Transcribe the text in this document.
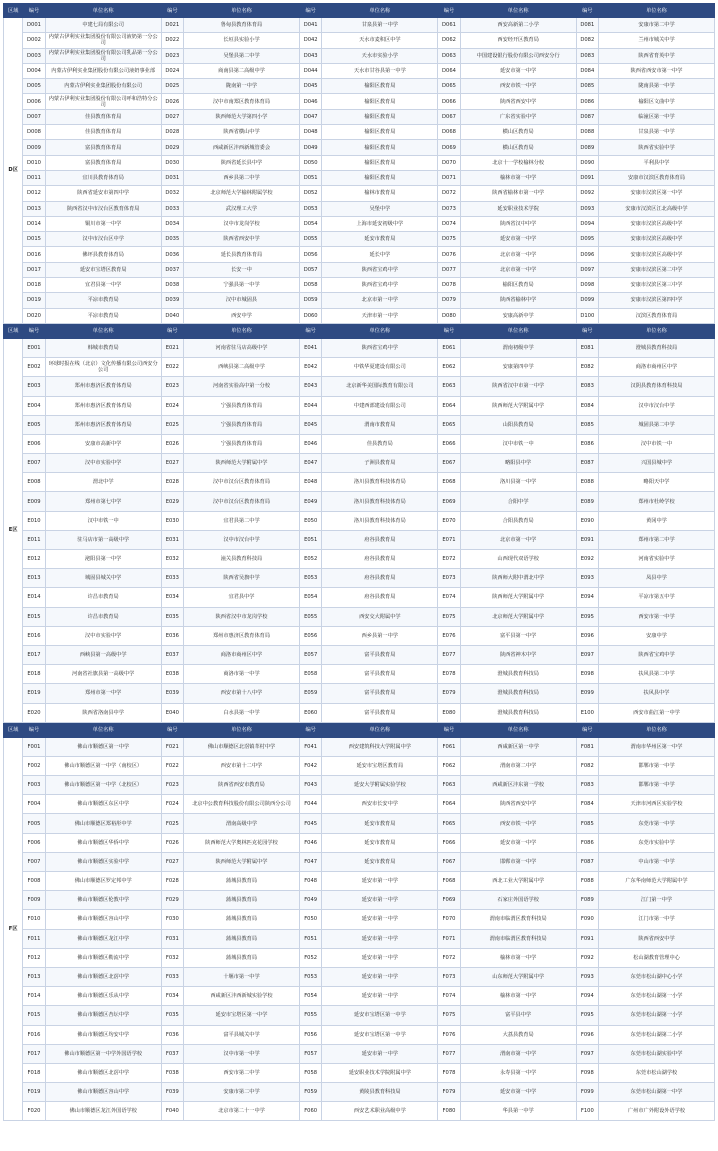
区域	编号	单位名称	编号	单位名称	编号	单位名称	编号	单位名称	编号	单位名称
D区	D001	中建七局有限公司	D021	鲁甸县教育体育局	D041	甘泉县第一中学	D061	西安高新第二小学	D081	安康市第二中学
	D002	内蒙古伊利实业集团股份有限公司液奶第一分公司	D022	长垣县实验小学	D042	天水市麦积区中学	D062	西安经开区教育局	D082	兰州市城关中学
	D003	内蒙古伊利实业集团股份有限公司乳品第一分公司	D023	吴堡县第二中学	D043	天水市实验小学	D063	中国建设银行股份有限公司西安分行	D083	陕西省育英中学
	D004	内蒙古伊利实业集团股份有限公司液奶事业部	D024	商南县第二高级中学	D044	天水市甘谷县第一中学	D064	延安市第一中学	D084	陕西省西安市第一中学
	D005	内蒙古伊利实业集团股份有限公司	D025	陇南第一中学	D045	榆阳区教育局	D065	西安市铁一中学	D085	陇南县第一中学
	D006	内蒙古伊利实业集团股份有限公司呼和浩特分公司	D026	汉中市南郑区教育体育局	D046	榆阳区教育局	D066	陕西省西安中学	D086	榆阳区文曲中学
	D007	佳县教育体育局	D027	陕西师范大学第四小学	D047	榆阳区教育局	D067	广东省实验中学	D087	临潼区第一中学
	D008	佳县教育体育局	D028	陕西省横山中学	D048	榆阳区教育局	D068	横山区教育局	D088	甘泉县第一中学
	D009	富县教育体育局	D029	西咸新区沣西新城管委会	D049	榆阳区教育局	D069	横山区教育局	D089	陕西省实验中学
	D010	富县教育体育局	D030	陕西省延长县中学	D050	榆阳区教育局	D070	北京十一学校榆林分校	D090	平利县中学
	D011	宜川县教育体育局	D031	西乡县第二中学	D051	榆阳区教育局	D071	榆林市第一中学	D091	安康市汉滨区教育体育局
	D012	陕西省延安市第四中学	D032	北京师范大学榆林附属学校	D052	榆林市教育局	D072	陕西省榆林市第一中学	D092	安康市汉滨区第一中学
	D013	陕西省汉中市汉台区教育体育局	D033	武汉理工大学	D053	吴堡中学	D073	延安职业技术学院	D093	安康市汉滨区江北高级中学
	D014	铜川市第一中学	D034	汉中市龙岗学校	D054	上海市延安初级中学	D074	陕西省汉中中学	D094	安康市汉滨区高级中学
	D015	汉中市汉台区中学	D035	陕西省西安中学	D055	延安市教育局	D075	延安市第一中学	D095	安康市汉滨区高级中学
	D016	佛坪县教育体育局	D036	延长县教育体育局	D056	延长中学	D076	北京市第一中学	D096	安康市汉滨区高级中学
	D017	延安市宝塔区教育局	D037	长安一中	D057	陕西省宝鸡中学	D077	北京市第一中学	D097	安康市汉滨区第二中学
	D018	宜君县第一中学	D038	宁强县第一中学	D058	陕西省宝鸡中学	D078	榆阳区教育局	D098	安康市汉滨区第三中学
	D019	平凉市教育局	D039	汉中市城固县	D059	北京市第一中学	D079	陕西省榆林中学	D099	安康市汉滨区第四中学
	D020	平凉市教育局	D040	西安中学	D060	天津市第一中学	D080	安康高新中学	D100	汉滨区教育体育局
区域	编号	单位名称	编号	单位名称	编号	单位名称	编号	单位名称	编号	单位名称
E区	E001	韩城市教育局	E021	河南省驻马店高级中学	E041	陕西省宝鸡中学	E061	渭南初级中学	E081	澄城县教育科技局
	E002	环球时报在线（北京）文化传播有限公司西安分公司	E022	西峡县第二高级中学	E042	中铁华夏建设有限公司	E062	安康第四中学	E082	商洛市商州区中学
	E003	郑州市惠济区教育体育局	E023	河南省实验高中第一分校	E043	北京新华美国际教育有限公司	E063	陕西省汉中市第一中学	E083	汉阴县教育体育科技局
	E004	郑州市惠济区教育体育局	E024	宁强县教育体育局	E044	中建西部建设有限公司	E064	陕西师范大学附属中学	E084	汉中市汉台中学
	E005	郑州市惠济区教育体育局	E025	宁强县教育体育局	E045	渭南市教育局	E065	山阳县教育局	E085	城固县第二中学
	E006	安康市高新中学	E026	宁强县教育体育局	E046	佳县教育局	E066	汉中市铁一中	E086	汉中市铁一中
	E007	汉中市实验中学	E027	陕西师范大学附属中学	E047	子洲县教育局	E067	略阳县中学	E087	兴国县城中学
	E008	渭北中学	E028	汉中市汉台区教育体育局	E048	洛川县教育科技体育局	E068	洛川县第一中学	E088	略阳天中学
	E009	郑州市第七中学	E029	汉中市汉台区教育体育局	E049	洛川县教育科技体育局	E069	合阳中学	E089	郑州市杜岭学校
	E010	汉中市铁一中	E030	宜君县第二中学	E050	洛川县教育科技体育局	E070	合阳县教育局	E090	黄冈中学
	E011	驻马店市第一高级中学	E031	汉中市汉台中学	E051	府谷县教育局	E071	北京市第一中学	E091	郑州市第二中学
	E012	泌阳县第一中学	E032	潼关县教育科技局	E052	府谷县教育局	E072	山西现代双语学校	E092	河南省实验中学
	E013	城固县城关中学	E033	陕西省吴旗中学	E053	府谷县教育局	E073	陕西师大附中渭北中学	E093	凤县中学
	E014	许昌市教育局	E034	宜君县中学	E054	府谷县教育局	E074	陕西师范大学附属中学	E094	平凉市第五中学
	E015	许昌市教育局	E035	陕西省汉中市龙岗学校	E055	西安交大附属中学	E075	北京师范大学附属中学	E095	西安市第一中学
	E016	汉中市实验中学	E036	郑州市惠济区教育体育局	E056	西乡县第一中学	E076	富平县第一中学	E096	安康中学
	E017	西峡县第一高级中学	E037	商洛市商州区中学	E057	富平县教育局	E077	陕西省神木中学	E097	陕西省宝鸡中学
	E018	河南省社旗县第一高级中学	E038	商洛市第一中学	E058	富平县教育局	E078	澄城县教育科技局	E098	扶风县第二中学
	E019	郑州市第一中学	E039	西安市第十八中学	E059	富平县教育局	E079	澄城县教育科技局	E099	扶风县中学
	E020	陕西省洛南县中学	E040	白水县第一中学	E060	富平县教育局	E080	澄城县教育科技局	E100	西安市曲江第一中学
区域	编号	单位名称	编号	单位名称	编号	单位名称	编号	单位名称	编号	单位名称
F区	F001	佛山市顺德区第一中学	F021	佛山市顺德区北滘镇莘村中学	F041	西安建筑科技大学附属中学	F061	西咸新区第一中学	F081	渭南市华州区第一中学
	F002	佛山市顺德区第一中学（南校区）	F022	西安市第十二中学	F042	延安市宝塔区教育局	F062	渭南市第二中学	F082	邯郸市第一中学
	F003	佛山市顺德区第一中学（北校区）	F023	陕西省西安市教育局	F043	延安大学附属实验学校	F063	西咸新区沣东第一学校	F083	邯郸市第一中学
	F004	佛山市顺德区东区中学	F024	北京中公教育科技股份有限公司陕西分公司	F044	西安市长安中学	F064	陕西省西安中学	F084	天津市河西区实验学校
	F005	佛山市顺德区郑裕彤中学	F025	渭南高级中学	F045	延安市教育局	F065	西安市铁一中学	F085	东莞市第一中学
	F006	佛山市顺德区华侨中学	F026	陕西师范大学奥林匹克花园学校	F046	延安市教育局	F066	延安市第一中学	F086	东莞市实验中学
	F007	佛山市顺德区实验中学	F027	陕西师范大学附属中学	F047	延安市教育局	F067	邯郸市第一中学	F087	中山市第一中学
	F008	佛山市顺德区罗定邦中学	F028	蒲城县教育局	F048	延安市第一中学	F068	西北工业大学附属中学	F088	广东华南师范大学附属中学
	F009	佛山市顺德区伦教中学	F029	蒲城县教育局	F049	延安市第一中学	F069	石家庄外国语学校	F089	江门第一中学
	F010	佛山市顺德区容山中学	F030	蒲城县教育局	F050	延安市第一中学	F070	渭南市临渭区教育科技局	F090	江门市第一中学
	F011	佛山市顺德区龙江中学	F031	蒲城县教育局	F051	延安市第一中学	F071	渭南市临渭区教育科技局	F091	陕西省西安中学
	F012	佛山市顺德区勒流中学	F032	蒲城县教育局	F052	延安市第一中学	F072	榆林市第一中学	F092	松山湖教育管理中心
	F013	佛山市顺德区北滘中学	F033	十堰市第一中学	F053	延安市第一中学	F073	山东师范大学附属中学	F093	东莞市松山湖中心小学
	F014	佛山市顺德区乐从中学	F034	西咸新区沣西新城实验学校	F054	延安市第一中学	F074	榆林市第一中学	F094	东莞市松山湖第一小学
	F015	佛山市顺德区杏坛中学	F035	延安市宝塔区第一中学	F055	延安市宝塔区第一中学	F075	富平县中学	F095	东莞市松山湖第一小学
	F016	佛山市顺德区均安中学	F036	富平县城关中学	F056	延安市宝塔区第一中学	F076	大荔县教育局	F096	东莞市松山湖第二小学
	F017	佛山市顺德区第一中学外国语学校	F037	汉中市第一中学	F057	延安市第一中学	F077	渭南市第一中学	F097	东莞市松山湖实验中学
	F018	佛山市顺德区北滘中学	F038	西安市第二中学	F058	延安职业技术学院附属中学	F078	永寿县第一中学	F098	东莞市松山湖学校
	F019	佛山市顺德区容山中学	F039	安康市第二中学	F059	黄陵县教育科技局	F079	延安市第一中学	F099	东莞市松山湖第一中学
	F020	佛山市顺德区龙江外国语学校	F040	北京市第二十一中学	F060	西安艺术职业高级中学	F080	华县第一中学	F100	广州市广外附设外语学校
